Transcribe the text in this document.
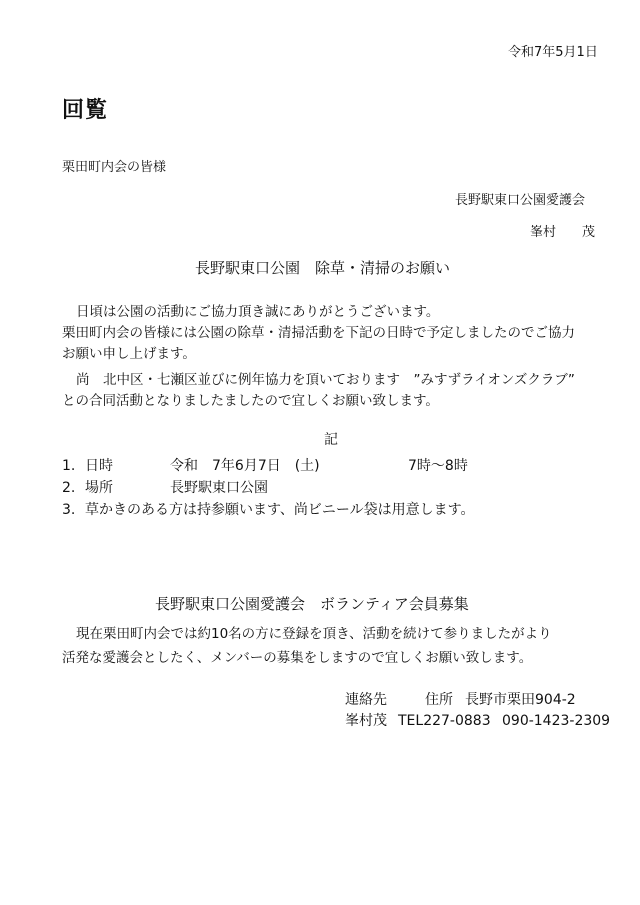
令和7年5月1日
回覧
栗田町内会の皆様
長野駅東口公園愛護会
峯村　　茂
長野駅東口公園　除草・清掃のお願い
日頃は公園の活動にご協力頂き誠にありがとうございます。
栗田町内会の皆様には公園の除草・清掃活動を下記の日時で予定しましたのでご協力
お願い申し上げます。
尚　北中区・七瀬区並びに例年協力を頂いております　”みすずライオンズクラブ”
との合同活動となりましたましたので宜しくお願い致します。
記
1. 日時	令和　7年6月7日　(土)	7時～8時
2. 場所	長野駅東口公園
3. 草かきのある方は持参願います、尚ビニール袋は用意します。
長野駅東口公園愛護会　ボランティア会員募集
現在栗田町内会では約10名の方に登録を頂き、活動を続けて参りましたがより
活発な愛護会としたく、メンバーの募集をしますので宜しくお願い致します。
連絡先	住所 長野市栗田904-2
峯村茂 TEL227-0883 090-1423-2309
